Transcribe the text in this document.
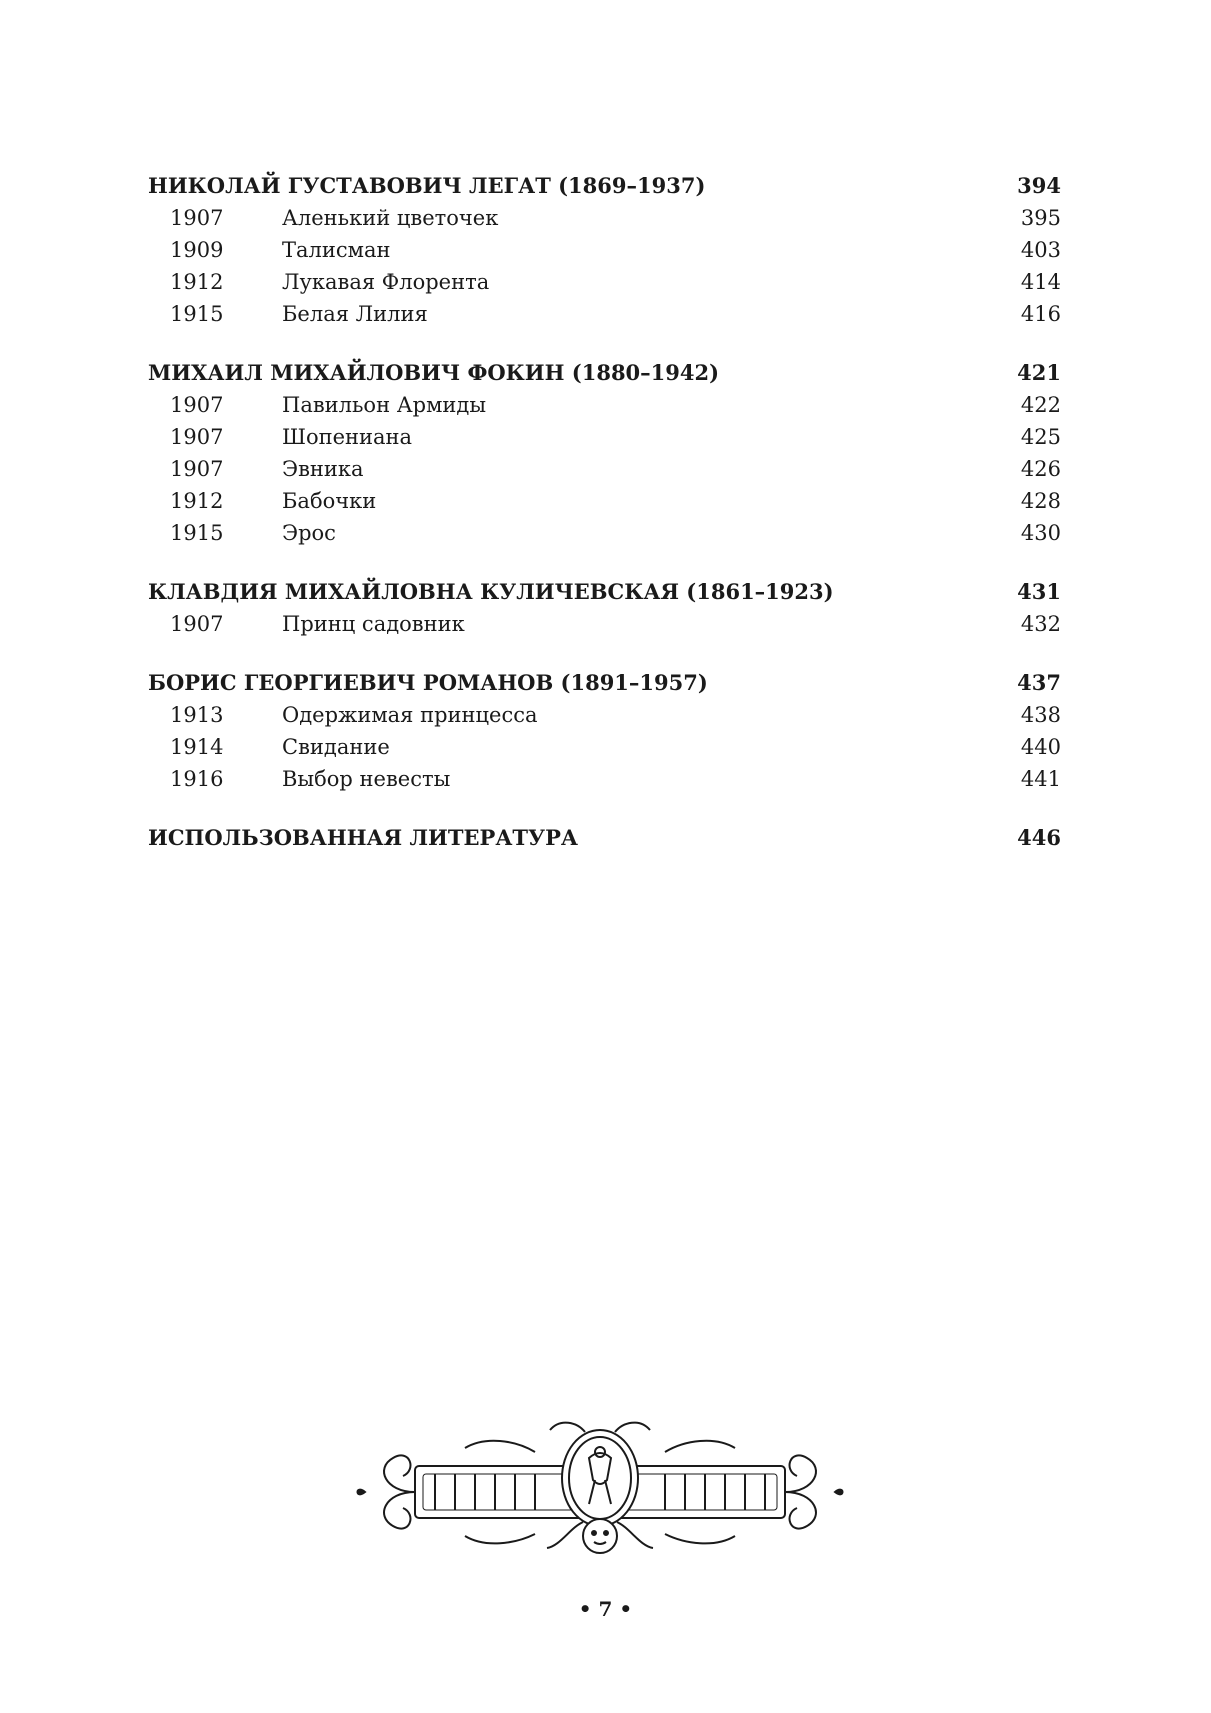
НИКОЛАЙ ГУСТАВОВИЧ ЛЕГАТ (1869–1937)	394
1907	Аленький цветочек	395
1909	Талисман	403
1912	Лукавая Флорента	414
1915	Белая Лилия	416
МИХАИЛ МИХАЙЛОВИЧ ФОКИН (1880–1942)	421
1907	Павильон Армиды	422
1907	Шопениана	425
1907	Эвника	426
1912	Бабочки	428
1915	Эрос	430
КЛАВДИЯ МИХАЙЛОВНА КУЛИЧЕВСКАЯ (1861–1923)	431
1907	Принц садовник	432
БОРИС ГЕОРГИЕВИЧ РОМАНОВ (1891–1957)	437
1913	Одержимая принцесса	438
1914	Свидание	440
1916	Выбор невесты	441
ИСПОЛЬЗОВАННАЯ ЛИТЕРАТУРА	446
• 7 •
